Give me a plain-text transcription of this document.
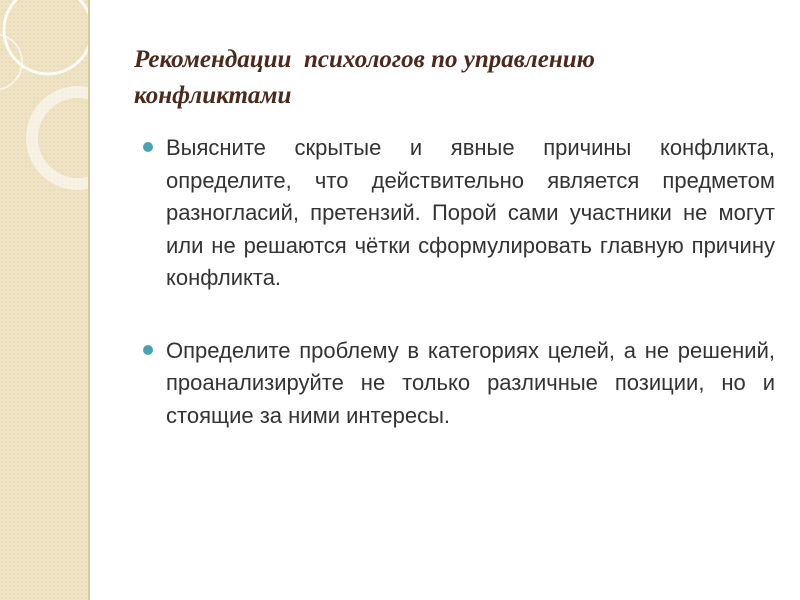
Рекомендации  психологов по управлению
конфликтами
Выясните скрытые и явные причины конфликта, определите, что действительно является предметом разногласий, претензий. Порой сами участники не могут или не решаются чётки сформулировать главную причину конфликта.
Определите проблему в категориях целей, а не решений, проанализируйте не только различные позиции, но и стоящие за ними интересы.
